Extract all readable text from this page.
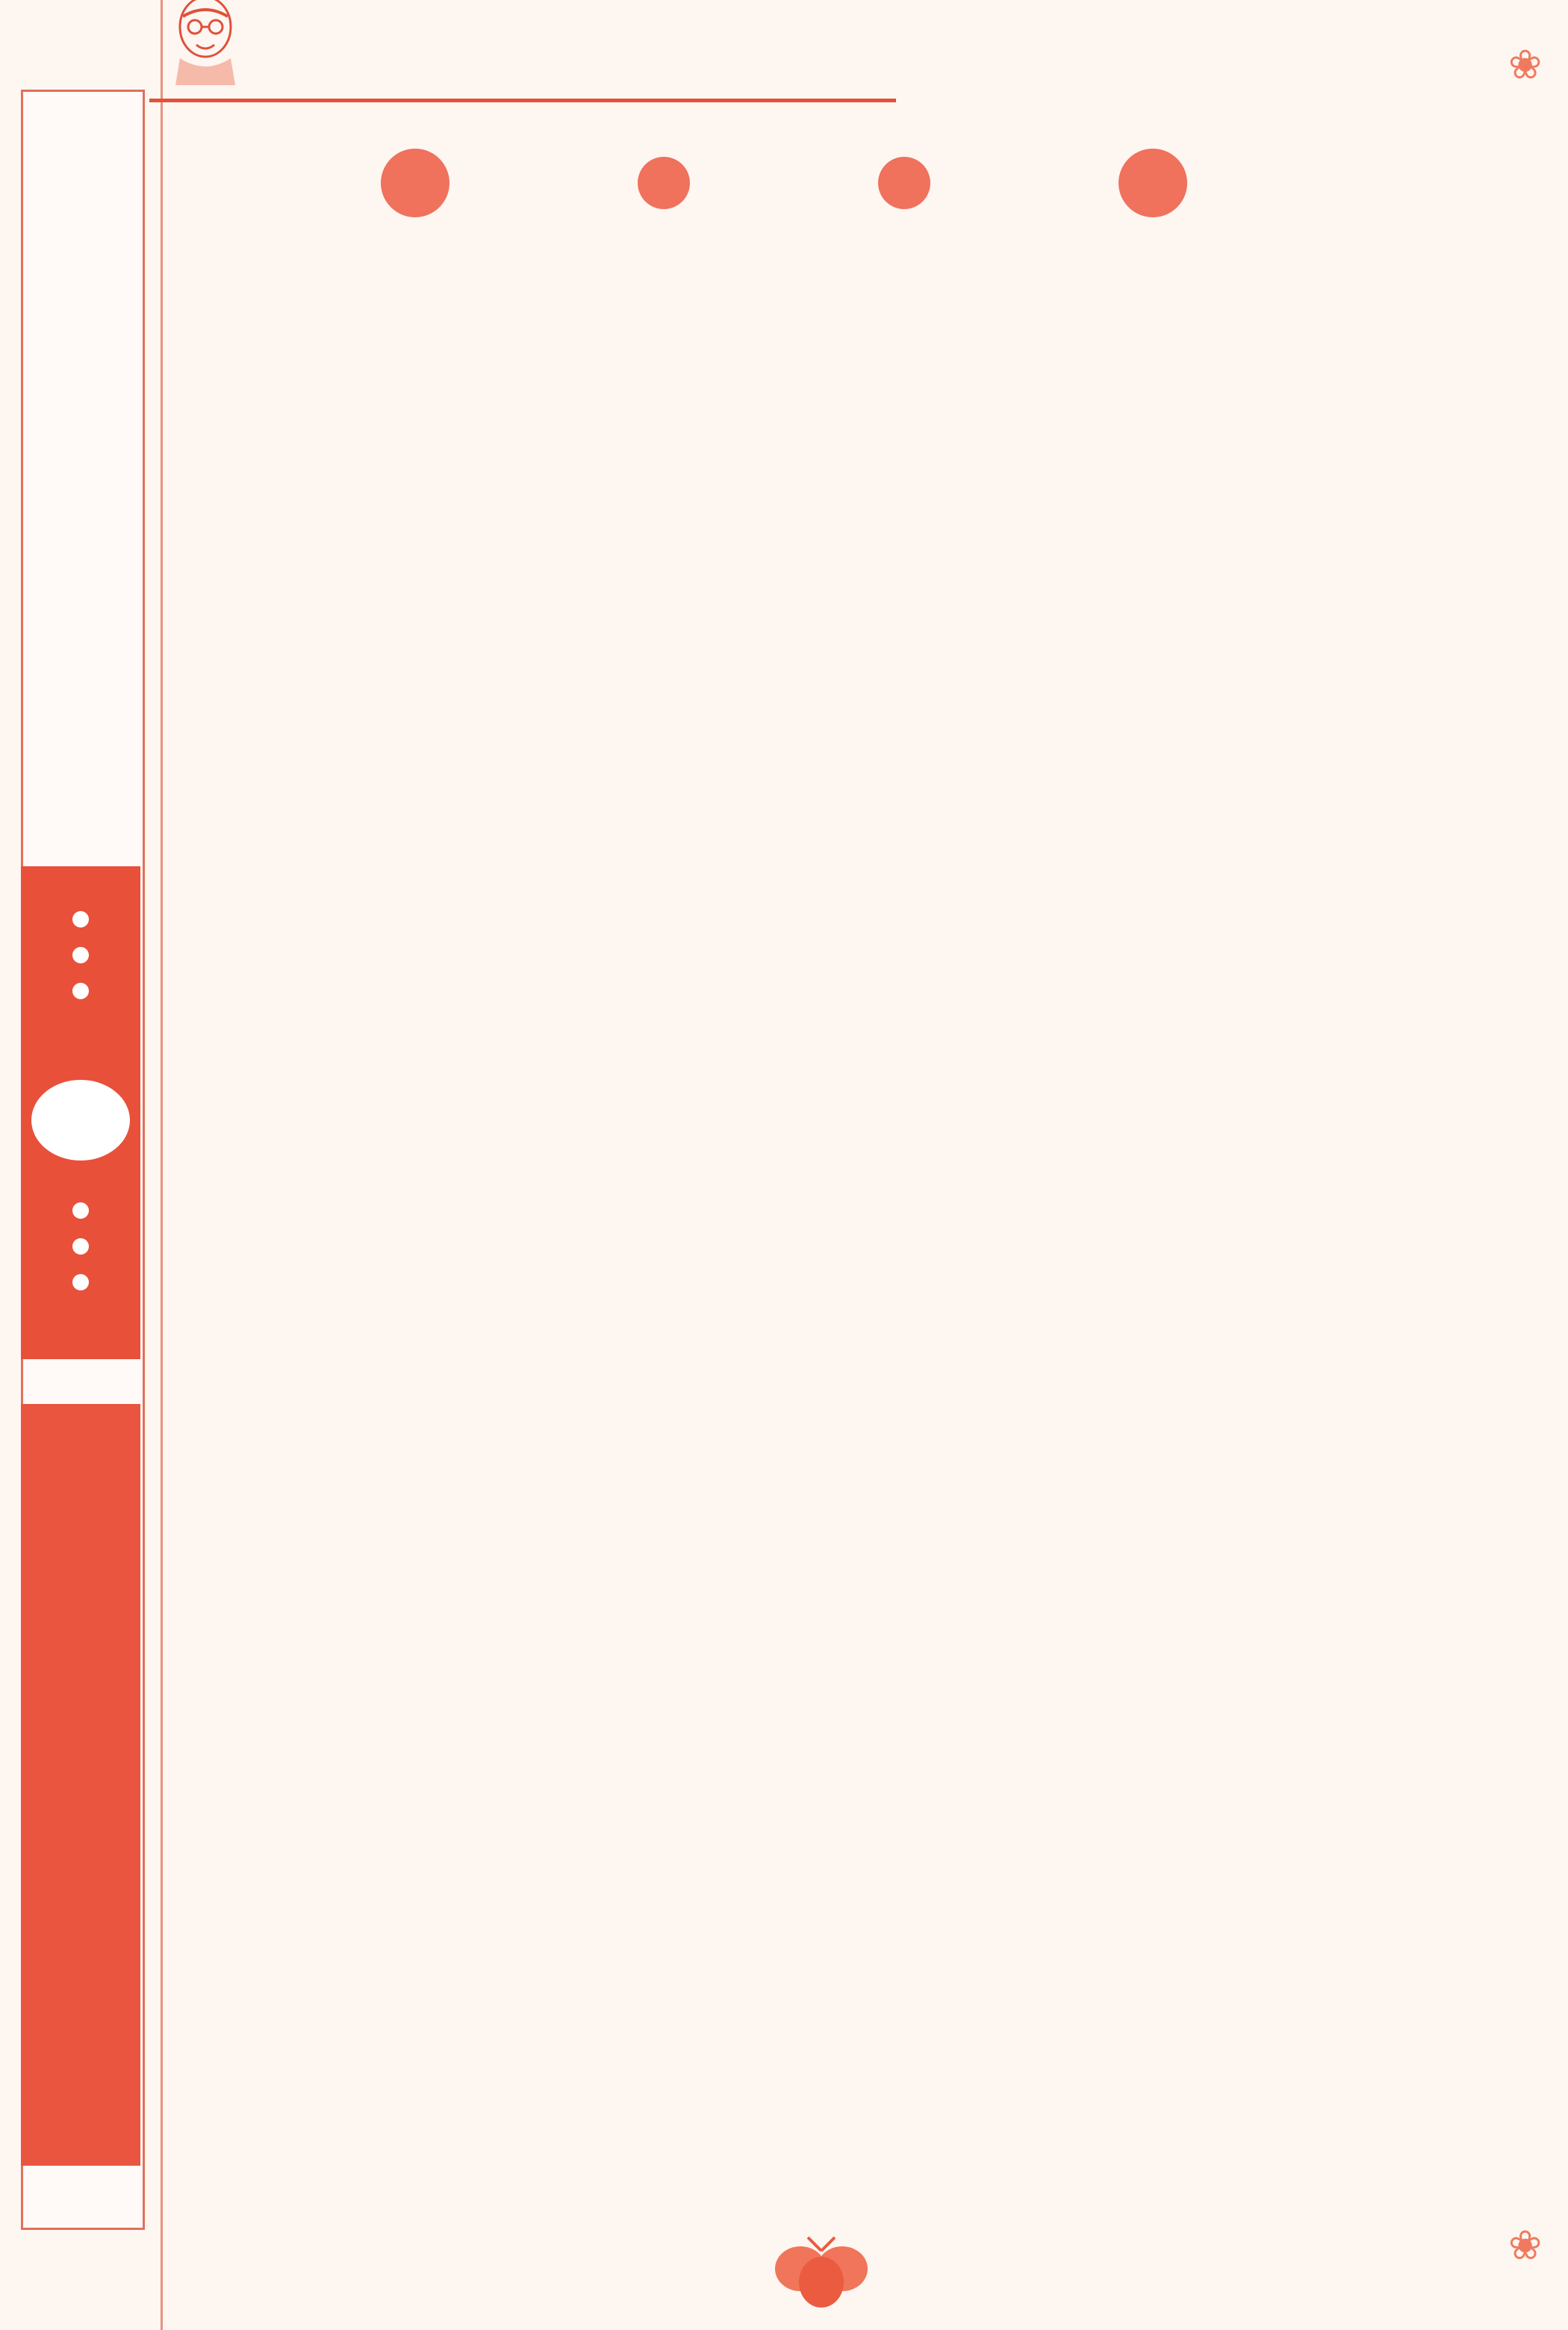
❀
❀
